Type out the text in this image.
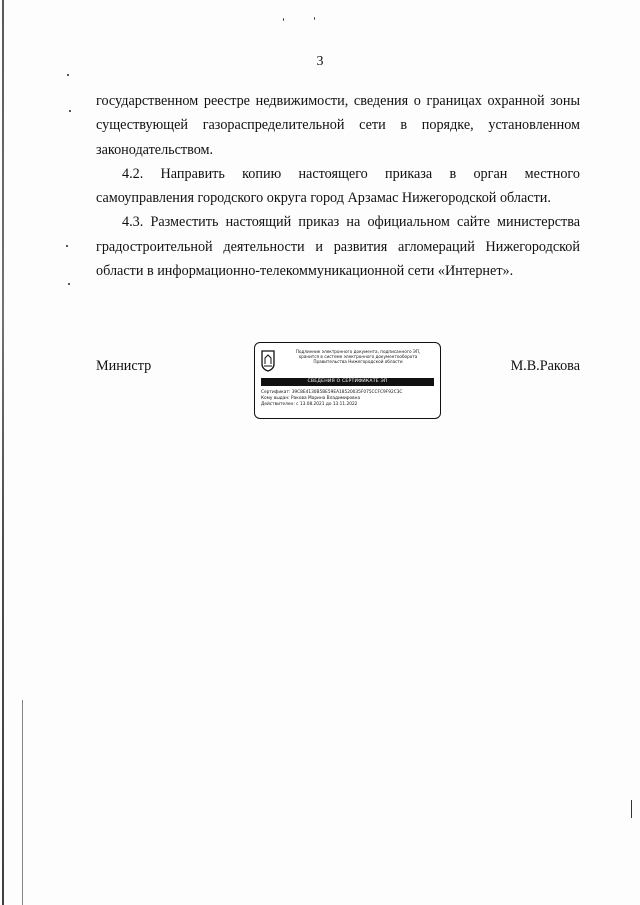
3

государственном реестре недвижимости, сведения о границах охранной зоны существующей газораспределительной сети в порядке, установленном законодательством.

4.2. Направить копию настоящего приказа в орган местного самоуправления городского округа город Арзамас Нижегородской области.

4.3. Разместить настоящий приказ на официальном сайте министерства градостроительной деятельности и развития агломераций Нижегородской области в информационно-телекоммуникационной сети «Интернет».

Министр	М.В.Ракова
Подлинник электронного документа, подписанного ЭП,
хранится в системе электронного документооборота
Правительства Нижегородской области
СВЕДЕНИЯ О СЕРТИФИКАТЕ ЭП
Сертификат: 39C8E4130B5BE59EA18520035F075CCFC9F92C3C
Кому выдан: Ракова Марина Владимировна
Действителен: с 13.08.2021 до 13.11.2022
